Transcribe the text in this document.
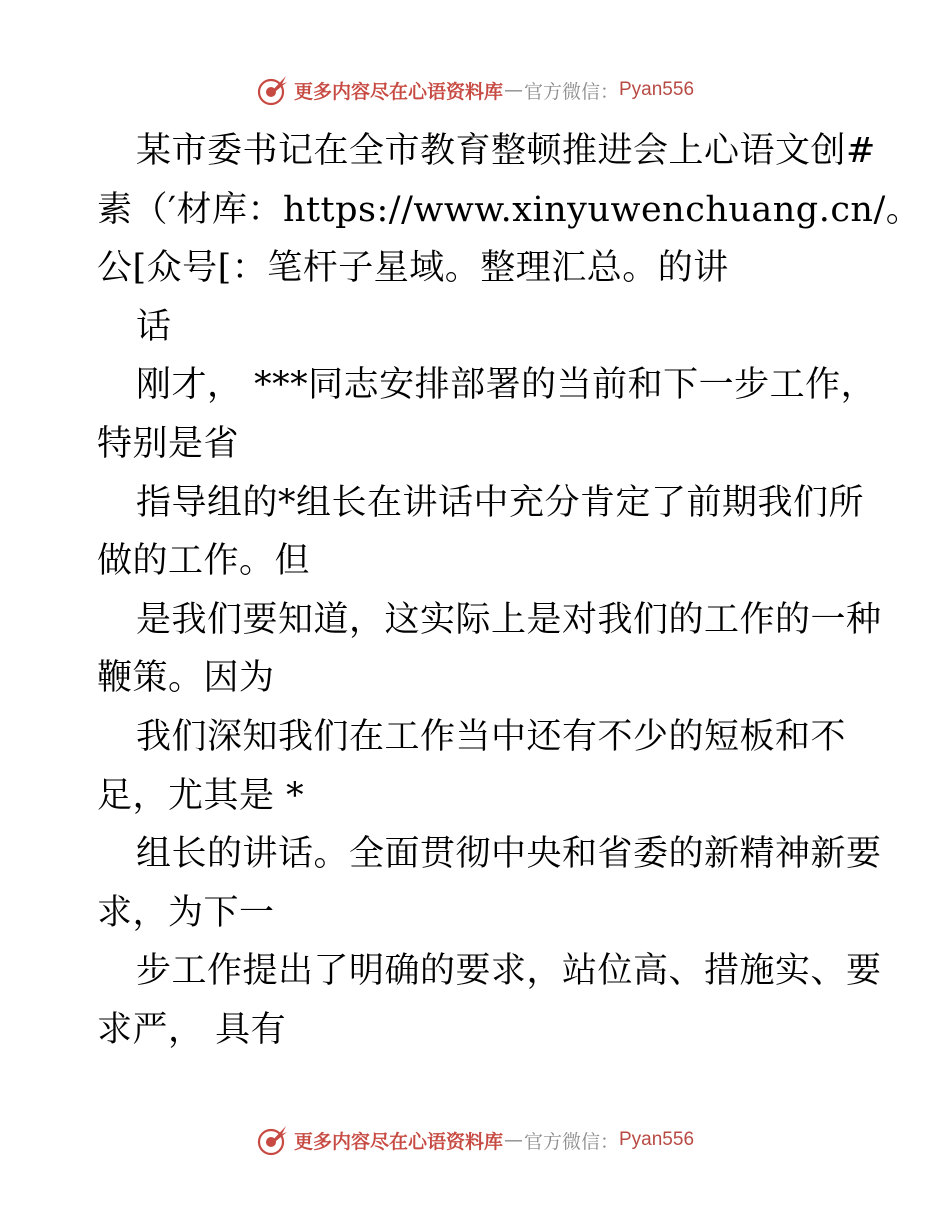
更多内容尽在心语资料库 — 官方微信： Pyan556
某市委书记在全市教育整顿推进会上心语文创#
素（′材库：https://www.xinyuwenchuang.cn/。
公[众号[：笔杆子星域。整理汇总。的讲
话
刚才， ***同志安排部署的当前和下一步工作，
特别是省
指导组的*组长在讲话中充分肯定了前期我们所
做的工作。但
是我们要知道，这实际上是对我们的工作的一种
鞭策。因为
我们深知我们在工作当中还有不少的短板和不
足，尤其是 *
组长的讲话。全面贯彻中央和省委的新精神新要
求，为下一
步工作提出了明确的要求，站位高、措施实、要
求严， 具有
更多内容尽在心语资料库 — 官方微信： Pyan556
